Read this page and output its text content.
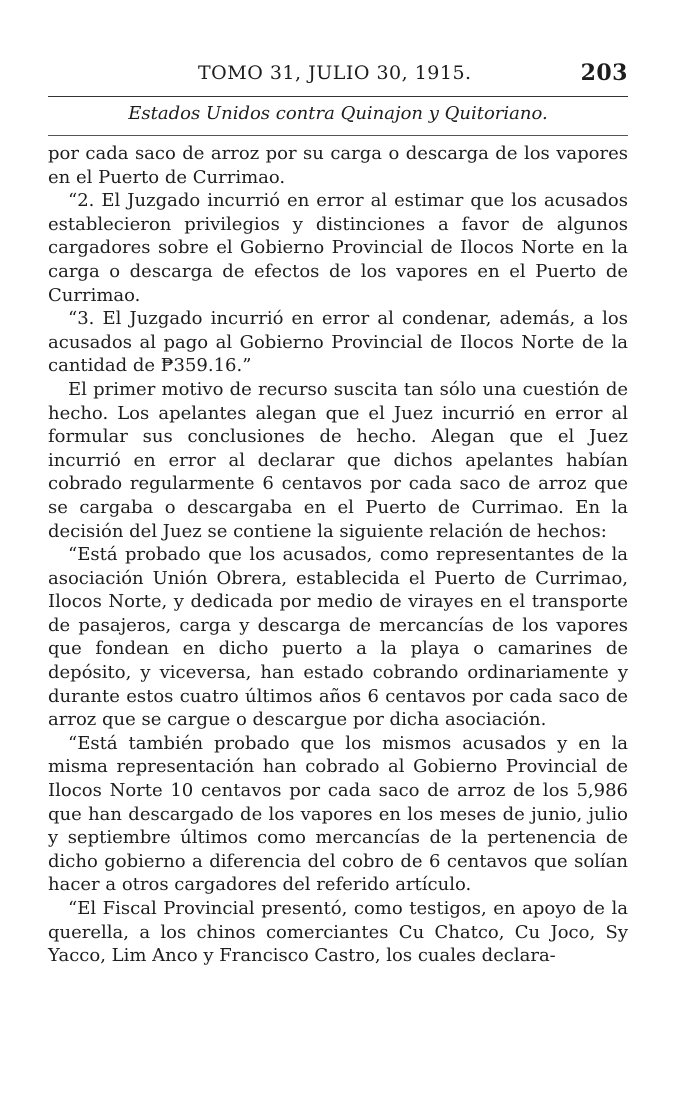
TOMO 31, JULIO 30, 1915.	203
Estados Unidos contra Quinajon y Quitoriano.

por cada saco de arroz por su carga o descarga de los vapores en el Puerto de Currimao.

“2. El Juzgado incurrió en error al estimar que los acusados establecieron privilegios y distinciones a favor de algunos cargadores sobre el Gobierno Provincial de Ilocos Norte en la carga o descarga de efectos de los vapores en el Puerto de Currimao.

“3. El Juzgado incurrió en error al condenar, además, a los acusados al pago al Gobierno Provincial de Ilocos Norte de la cantidad de ₱359.16.”

El primer motivo de recurso suscita tan sólo una cuestión de hecho. Los apelantes alegan que el Juez incurrió en error al formular sus conclusiones de hecho. Alegan que el Juez incurrió en error al declarar que dichos apelantes habían cobrado regularmente 6 centavos por cada saco de arroz que se cargaba o descargaba en el Puerto de Currimao. En la decisión del Juez se contiene la siguiente relación de hechos:

“Está probado que los acusados, como representantes de la asociación Unión Obrera, establecida el Puerto de Currimao, Ilocos Norte, y dedicada por medio de virayes en el transporte de pasajeros, carga y descarga de mercancías de los vapores que fondean en dicho puerto a la playa o camarines de depósito, y viceversa, han estado cobrando ordinariamente y durante estos cuatro últimos años 6 centavos por cada saco de arroz que se cargue o descargue por dicha asociación.

“Está también probado que los mismos acusados y en la misma representación han cobrado al Gobierno Provincial de Ilocos Norte 10 centavos por cada saco de arroz de los 5,986 que han descargado de los vapores en los meses de junio, julio y septiembre últimos como mercancías de la pertenencia de dicho gobierno a diferencia del cobro de 6 centavos que solían hacer a otros cargadores del referido artículo.

“El Fiscal Provincial presentó, como testigos, en apoyo de la querella, a los chinos comerciantes Cu Chatco, Cu Joco, Sy Yacco, Lim Anco y Francisco Castro, los cuales declara-
